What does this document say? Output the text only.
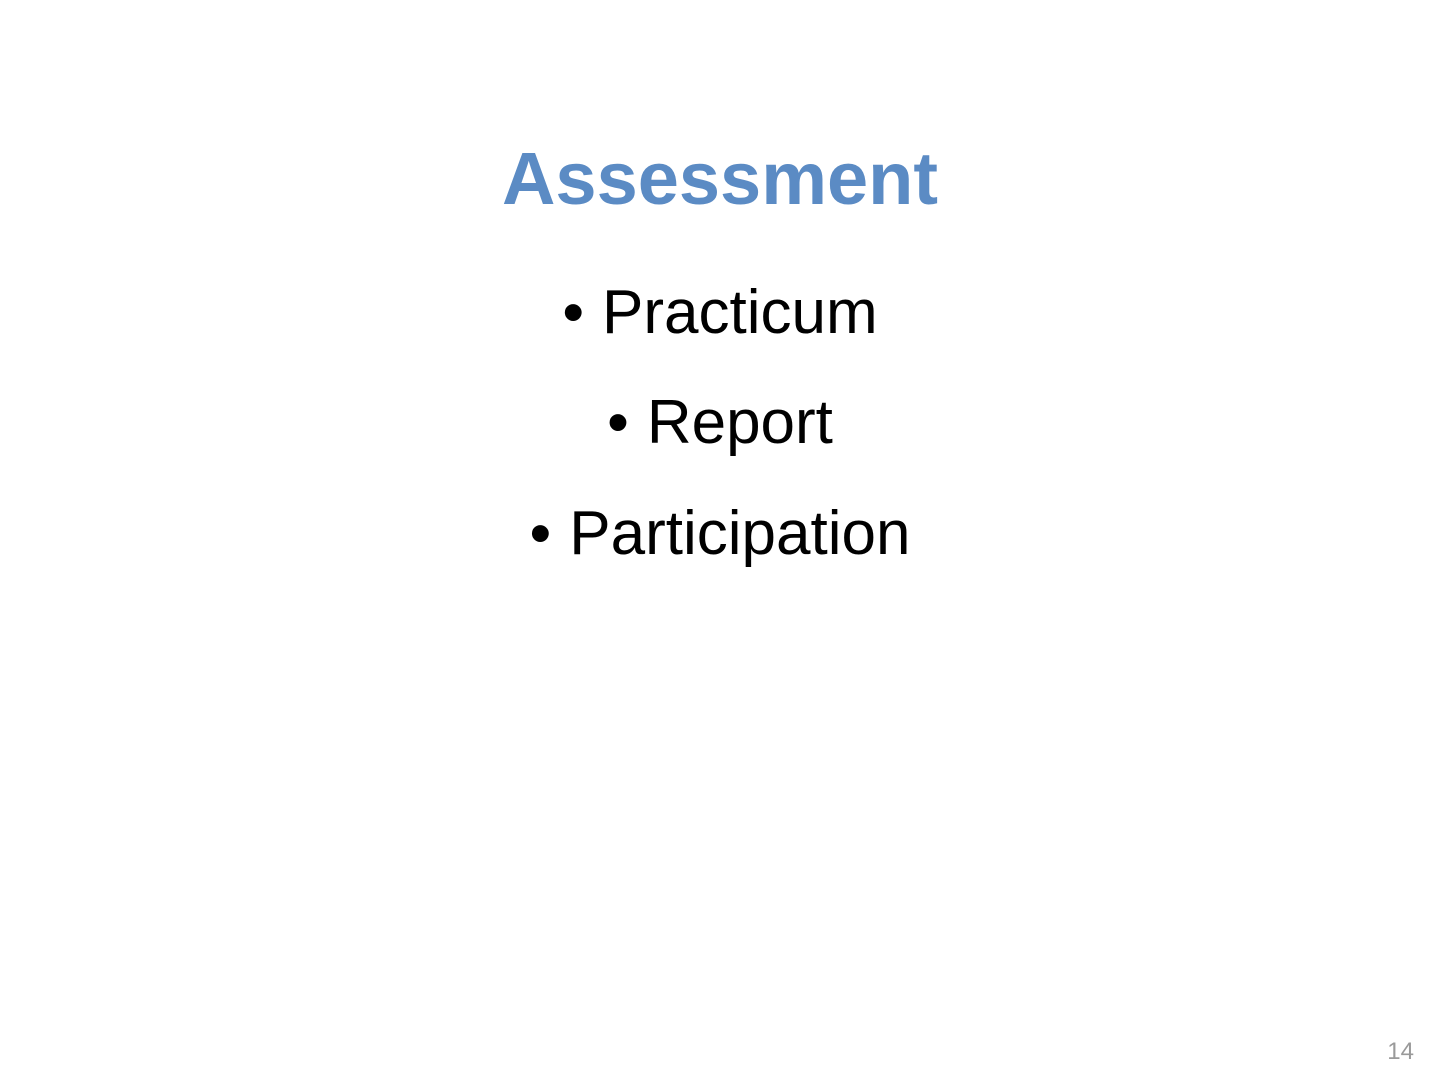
Assessment
• Practicum
• Report
• Participation
14
